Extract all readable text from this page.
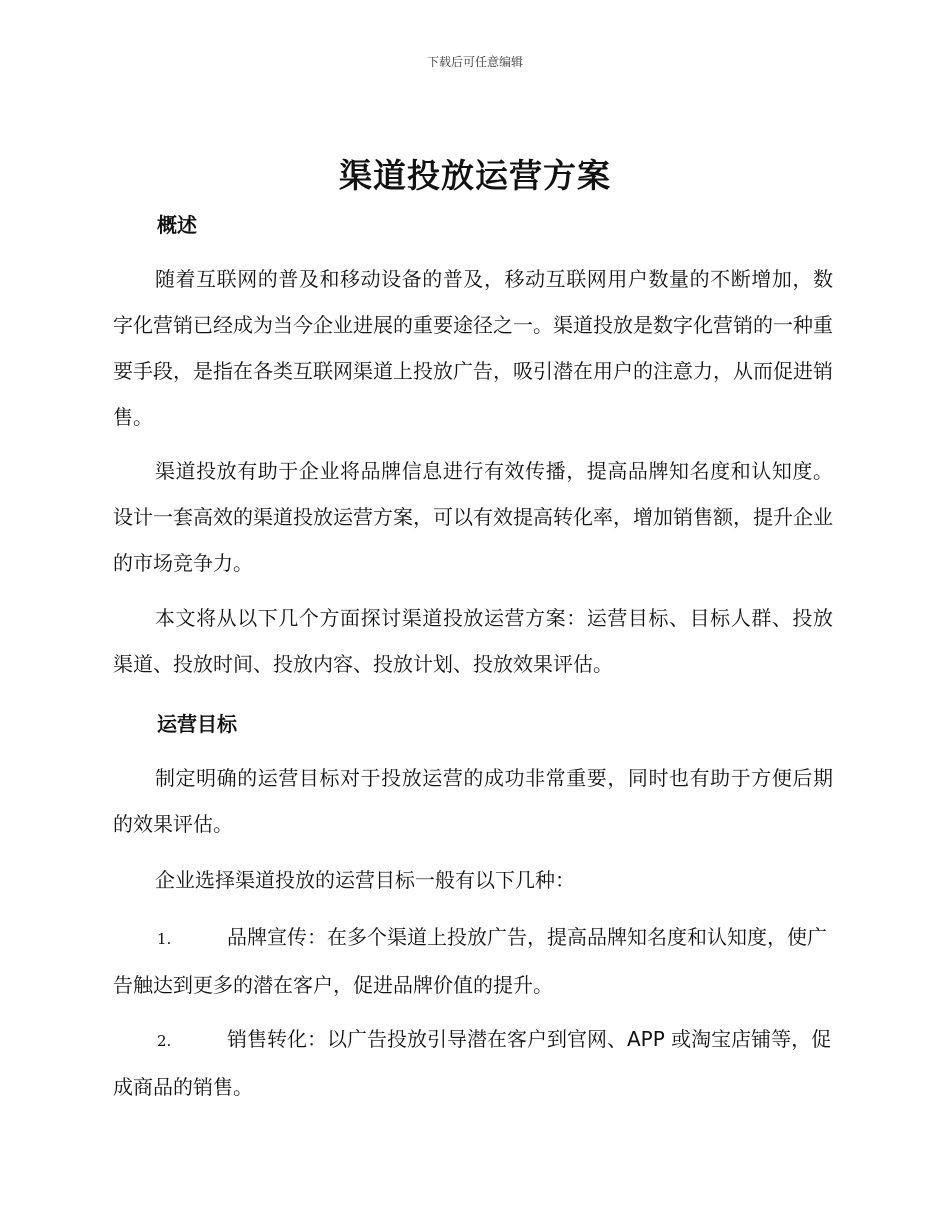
下载后可任意编辑
渠道投放运营方案
概述

随着互联网的普及和移动设备的普及，移动互联网用户数量的不断增加，数字化营销已经成为当今企业进展的重要途径之一。渠道投放是数字化营销的一种重要手段，是指在各类互联网渠道上投放广告，吸引潜在用户的注意力，从而促进销售。

渠道投放有助于企业将品牌信息进行有效传播，提高品牌知名度和认知度。设计一套高效的渠道投放运营方案，可以有效提高转化率，增加销售额，提升企业的市场竞争力。

本文将从以下几个方面探讨渠道投放运营方案：运营目标、目标人群、投放渠道、投放时间、投放内容、投放计划、投放效果评估。

运营目标

制定明确的运营目标对于投放运营的成功非常重要，同时也有助于方便后期的效果评估。

企业选择渠道投放的运营目标一般有以下几种：

1.	品牌宣传：在多个渠道上投放广告，提高品牌知名度和认知度，使广告触达到更多的潜在客户，促进品牌价值的提升。

2.	销售转化：以广告投放引导潜在客户到官网、APP 或淘宝店铺等，促成商品的销售。
